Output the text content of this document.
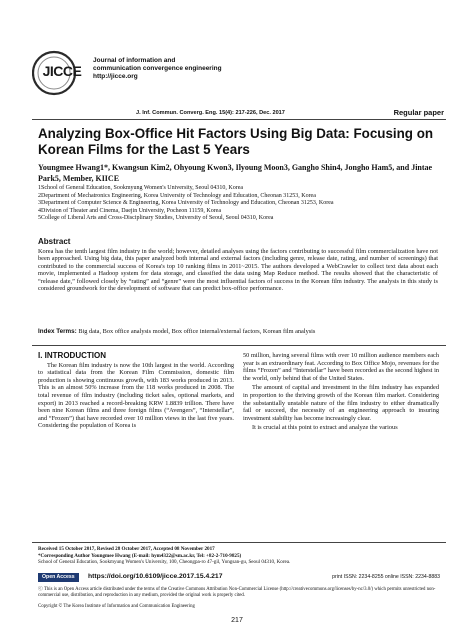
JICCE
Journal of information and
communication convergence engineering
http://jicce.org
J. Inf. Commun. Converg. Eng. 15(4): 217-226, Dec. 2017	Regular paper
Analyzing Box-Office Hit Factors Using Big Data: Focusing on Korean Films for the Last 5 Years
Youngmee Hwang1*, Kwangsun Kim2, Ohyoung Kwon3, Ilyoung Moon3, Gangho Shin4, Jongho Ham5, and Jintae Park5, Member, KIICE
1School of General Education, Sookmyung Women's University, Seoul 04310, Korea
2Department of Mechatronics Engineering, Korea University of Technology and Education, Cheonan 31253, Korea
3Department of Computer Science & Engineering, Korea University of Technology and Education, Cheonan 31253, Korea
4Division of Theater and Cinema, Daejin University, Pocheon 11159, Korea
5College of Liberal Arts and Cross-Disciplinary Studies, University of Seoul, Seoul 04310, Korea
Abstract
Korea has the tenth largest film industry in the world; however, detailed analyses using the factors contributing to successful film commercialization have not been approached. Using big data, this paper analyzed both internal and external factors (including genre, release date, rating, and number of screenings) that contributed to the commercial success of Korea's top 10 ranking films in 2011~2015. The authors developed a WebCrawler to collect text data about each movie, implemented a Hadoop system for data storage, and classified the data using Map Reduce method. The results showed that the characteristic of “release date,” followed closely by “rating” and “genre” were the most influential factors of success in the Korean film industry. The analysis in this study is considered groundwork for the development of software that can predict box-office performance.
Index Terms: Big data, Box office analysis model, Box office internal/external factors, Korean film analysis

I. INTRODUCTION

The Korean film industry is now the 10th largest in the world. According to statistical data from the Korean Film Commission, domestic film production is showing continuous growth, with 183 works produced in 2013. This is an almost 50% increase from the 118 works produced in 2008. The total revenue of film industry (including ticket sales, optional markets, and export) in 2013 reached a record-breaking KRW 1.8839 trillion. There have been nine Korean films and three foreign films (“Avengers”, “Interstellar”, and “Frozen”) that have recorded over 10 million views in the last five years. Considering the population of Korea is

50 million, having several films with over 10 million audience members each year is an extraordinary feat. According to Box Office Mojo, revenues for the films “Frozen” and “Interstellar” have been recorded as the second highest in the world, only behind that of the United States.

The amount of capital and investment in the film industry has expanded in proportion to the thriving growth of the Korean film market. Considering the substantially unstable nature of the film industry to either dramatically fail or succeed, the necessity of an engineering approach to insuring investment stability has become increasingly clear.

It is crucial at this point to extract and analyze the various

Received 15 October 2017, Revised 28 October 2017, Accepted 08 November 2017
*Corresponding Author Youngmee Hwang (E-mail: hym4322@sm.ac.kr, Tel: +82-2-710-9825)
School of General Education, Sookmyung Women's University, 100, Cheongpa-ro 47-gil, Yongsan-gu, Seoul 04310, Korea.
Open Access	https://doi.org/10.6109/jicce.2017.15.4.217	print ISSN: 2234-8255 online ISSN: 2234-8883
ⓒ This is an Open Access article distributed under the terms of the Creative Commons Attribution Non-Commercial License (http://creativecommons.org/licenses/by-nc/3.0/) which permits unrestricted non-commercial use, distribution, and reproduction in any medium, provided the original work is properly cited.
Copyright © The Korea Institute of Information and Communication Engineering
217
